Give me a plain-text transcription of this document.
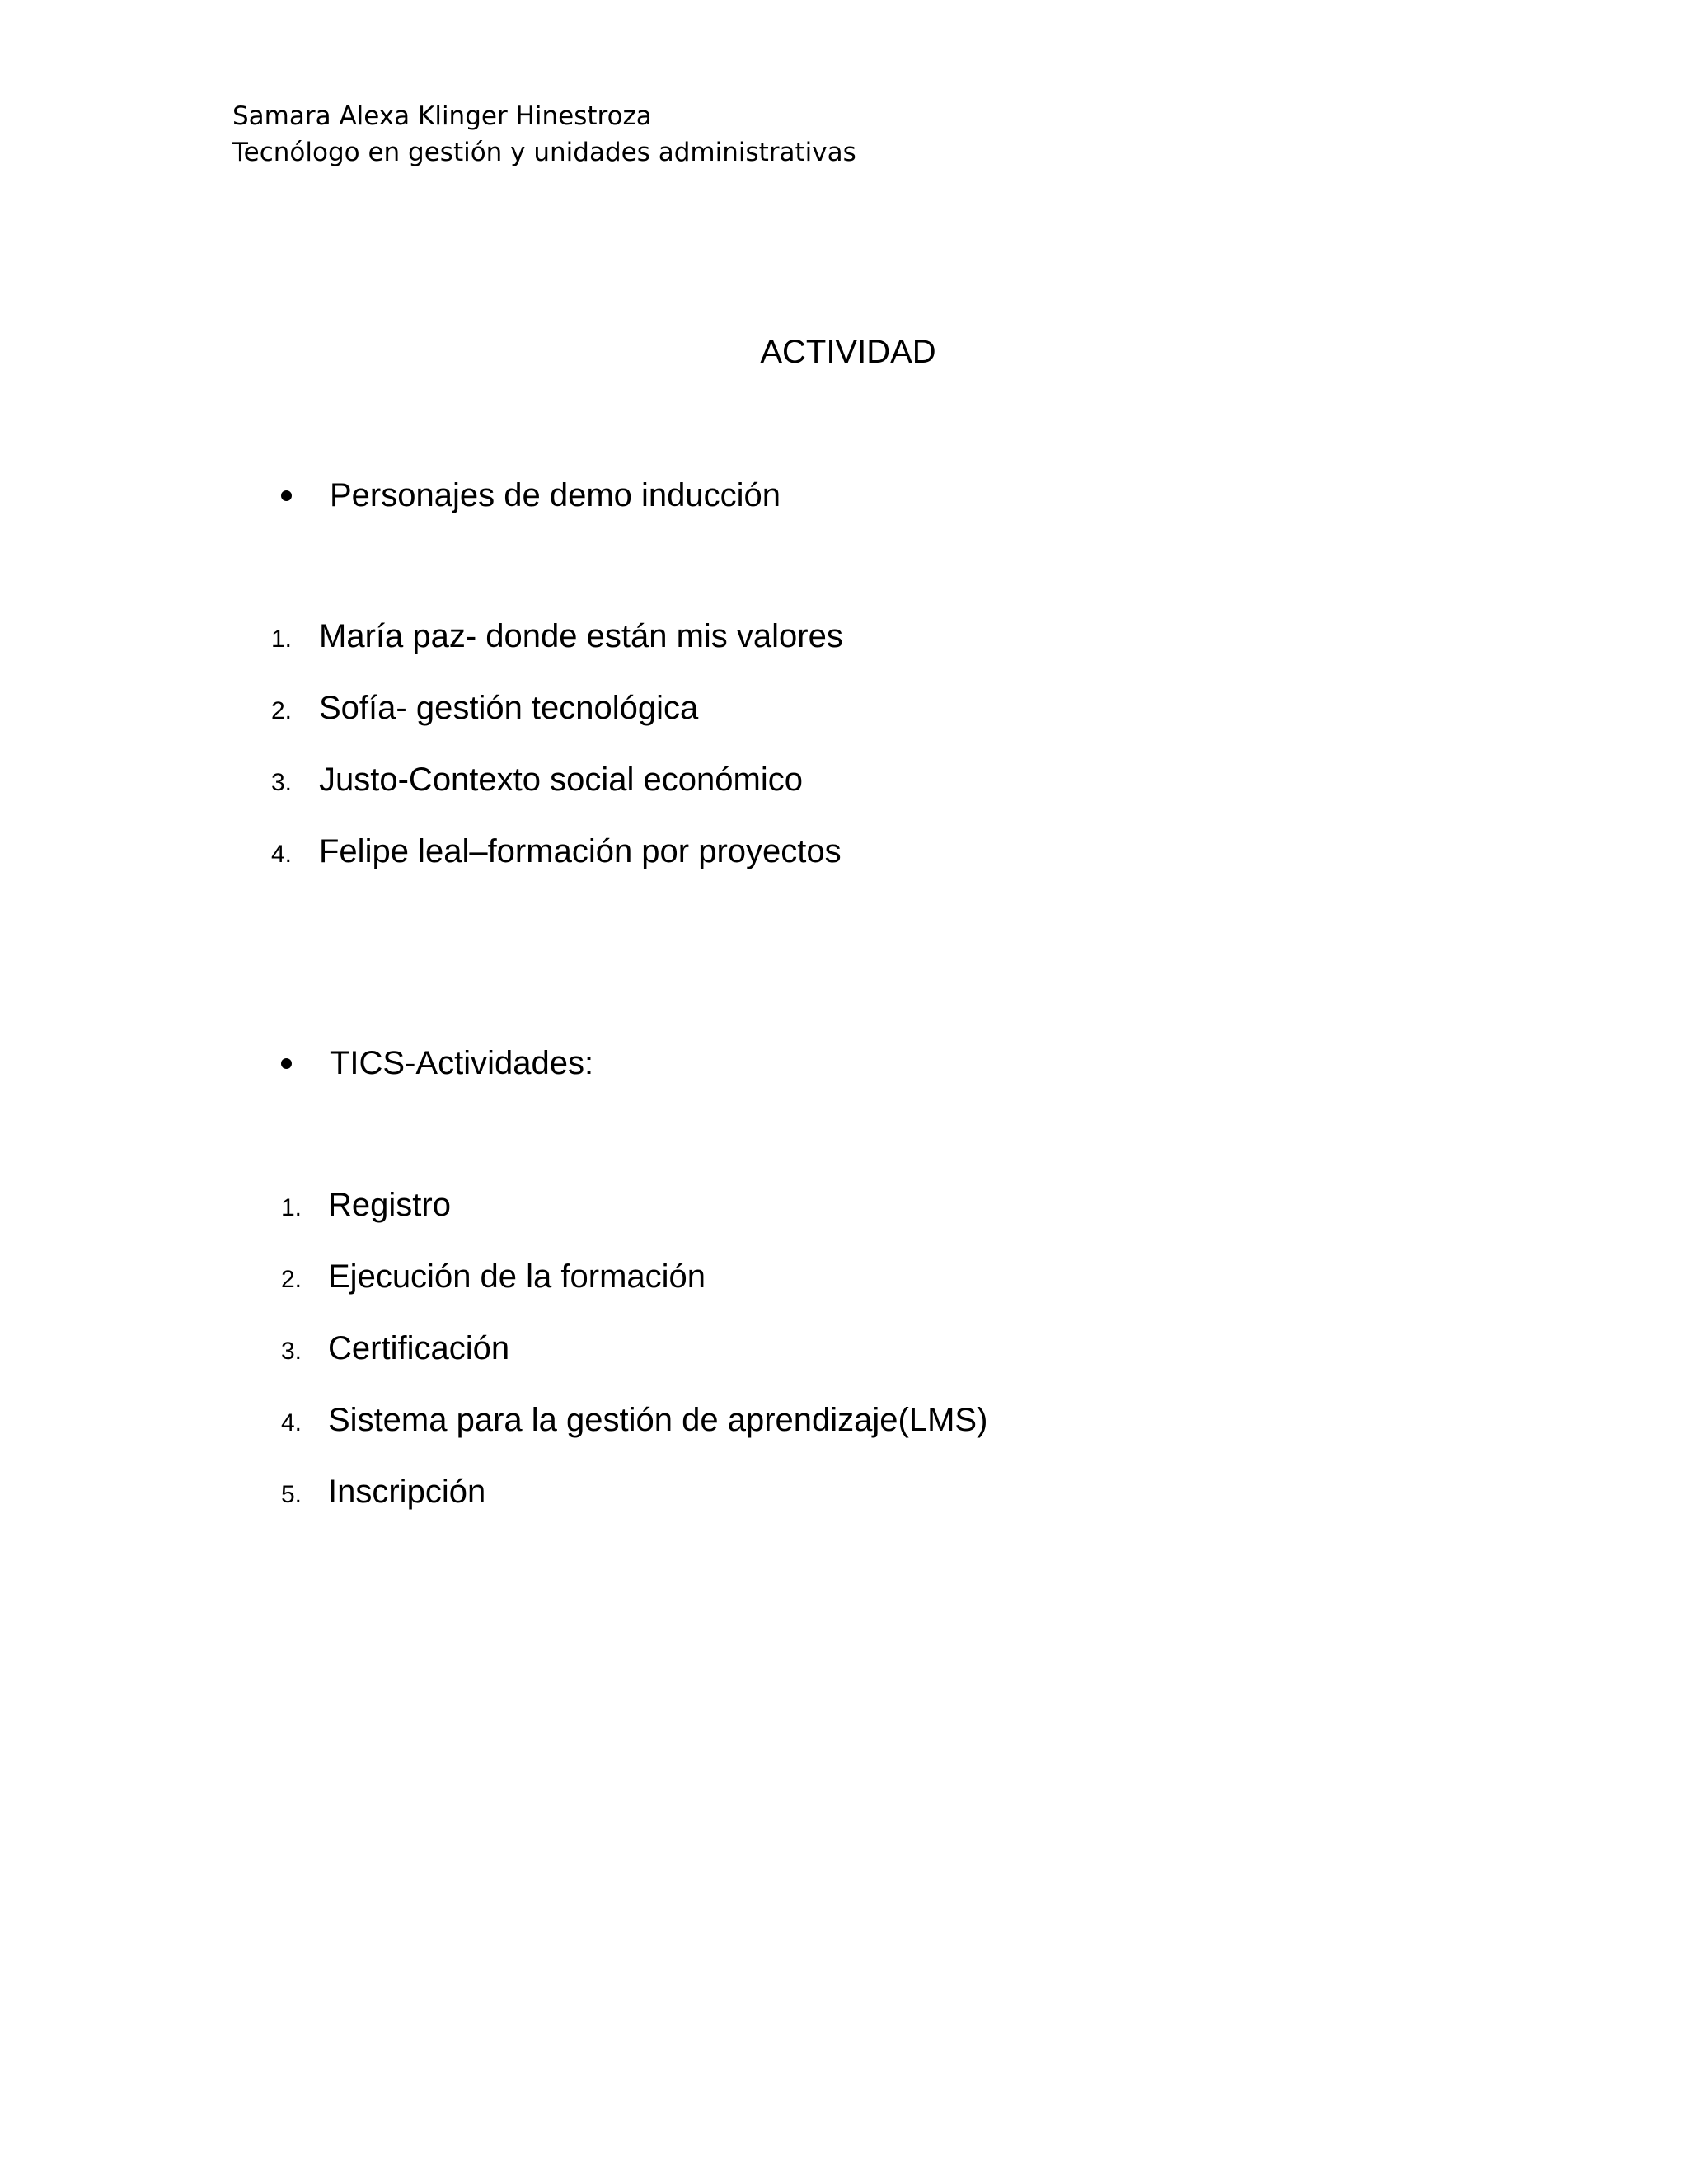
Samara Alexa Klinger Hinestroza
Tecnólogo en gestión y unidades administrativas
ACTIVIDAD
Personajes de demo inducción
1. María paz- donde están mis valores
2. Sofía- gestión tecnológica
3. Justo-Contexto social económico
4. Felipe leal–formación por proyectos
TICS-Actividades:
1. Registro
2. Ejecución de la formación
3. Certificación
4. Sistema para la gestión de aprendizaje(LMS)
5. Inscripción
